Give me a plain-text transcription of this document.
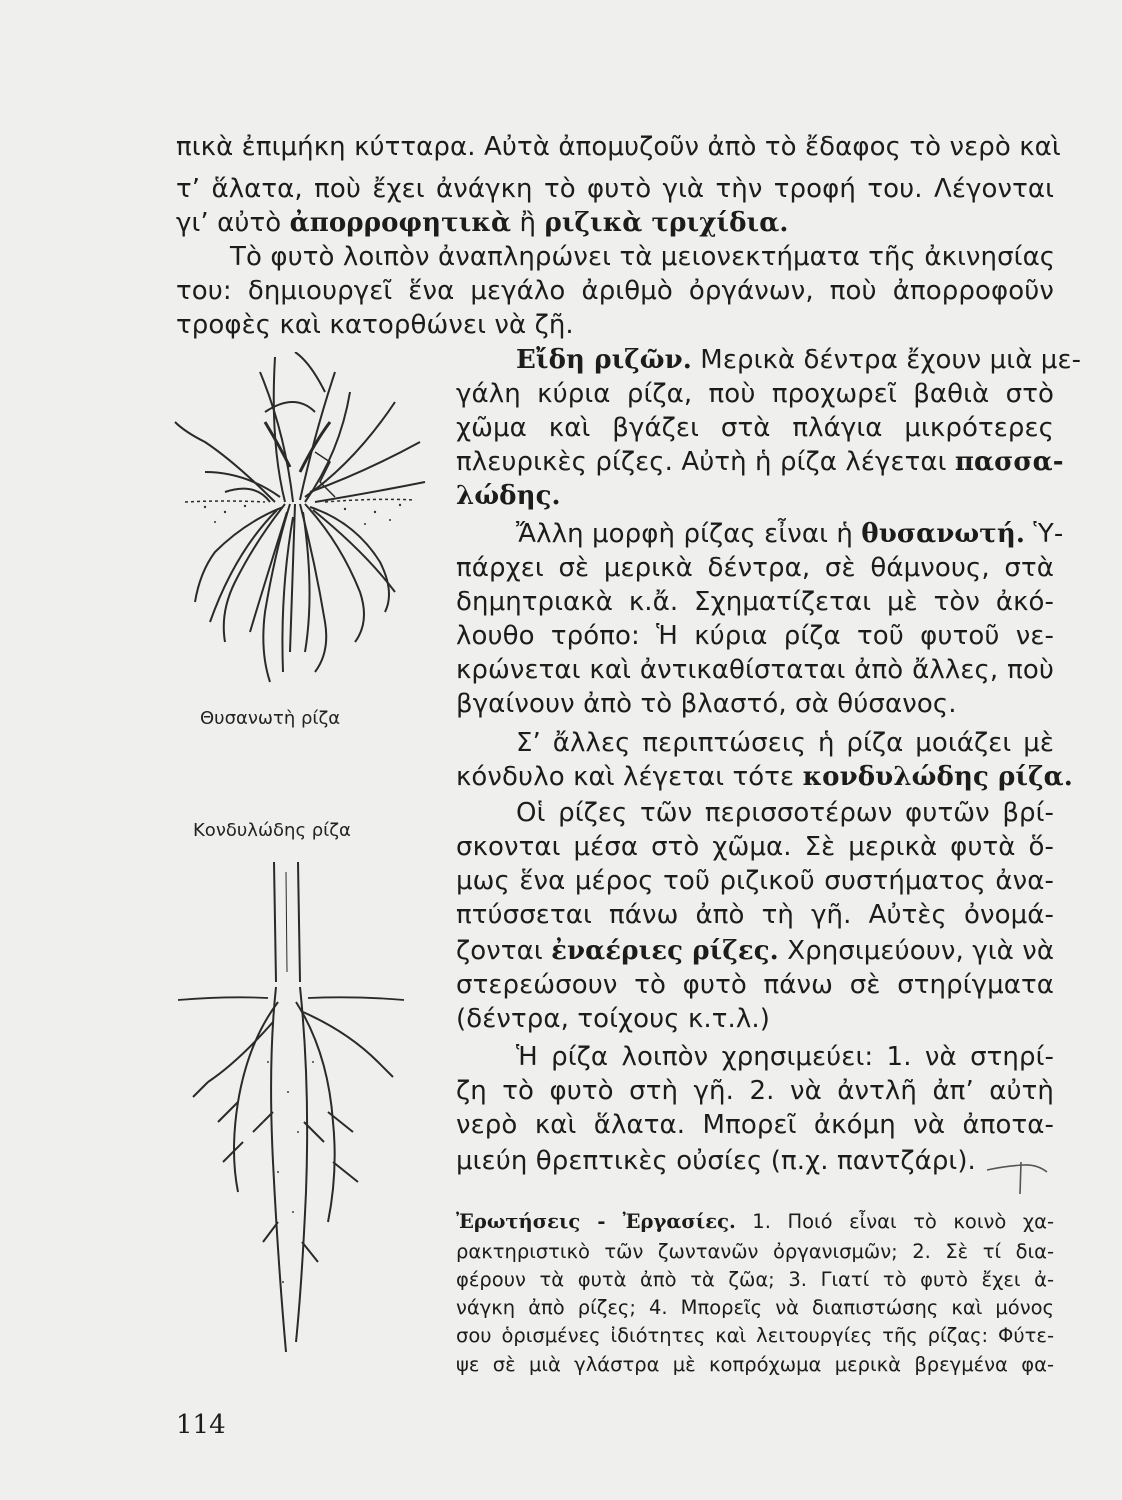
πικὰ ἐπιμήκη κύτταρα. Αὐτὰ ἀπομυζοῦν ἀπὸ τὸ ἔδαφος τὸ νερὸ καὶ
τ’ ἅλατα, ποὺ ἔχει ἀνάγκη τὸ φυτὸ γιὰ τὴν τροφή του. Λέγονται
γι’ αὐτὸ ἀπορροφητικὰ ἢ ριζικὰ τριχίδια.
Τὸ φυτὸ λοιπὸν ἀναπληρώνει τὰ μειονεκτήματα τῆς ἀκινησίας
του: δημιουργεῖ ἕνα μεγάλο ἀριθμὸ ὀργάνων, ποὺ ἀπορροφοῦν
τροφὲς καὶ κατορθώνει νὰ ζῆ.
Εἴδη ριζῶν. Μερικὰ δέντρα ἔχουν μιὰ με-
γάλη κύρια ρίζα, ποὺ προχωρεῖ βαθιὰ στὸ
χῶμα καὶ βγάζει στὰ πλάγια μικρότερες
πλευρικὲς ρίζες. Αὐτὴ ἡ ρίζα λέγεται πασσα-
λώδης.
Ἄλλη μορφὴ ρίζας εἶναι ἡ θυσανωτή. Ὑ-
πάρχει σὲ μερικὰ δέντρα, σὲ θάμνους, στὰ
δημητριακὰ κ.ἄ. Σχηματίζεται μὲ τὸν ἀκό-
λουθο τρόπο: Ἡ κύρια ρίζα τοῦ φυτοῦ νε-
κρώνεται καὶ ἀντικαθίσταται ἀπὸ ἄλλες, ποὺ
βγαίνουν ἀπὸ τὸ βλαστό, σὰ θύσανος.
Σ’ ἄλλες περιπτώσεις ἡ ρίζα μοιάζει μὲ
κόνδυλο καὶ λέγεται τότε κονδυλώδης ρίζα.
Οἱ ρίζες τῶν περισσοτέρων φυτῶν βρί-
σκονται μέσα στὸ χῶμα. Σὲ μερικὰ φυτὰ ὅ-
μως ἕνα μέρος τοῦ ριζικοῦ συστήματος ἀνα-
πτύσσεται πάνω ἀπὸ τὴ γῆ. Αὐτὲς ὀνομά-
ζονται ἐναέριες ρίζες. Χρησιμεύουν, γιὰ νὰ
στερεώσουν τὸ φυτὸ πάνω σὲ στηρίγματα
(δέντρα, τοίχους κ.τ.λ.)
Ἡ ρίζα λοιπὸν χρησιμεύει: 1. νὰ στηρί-
ζη τὸ φυτὸ στὴ γῆ. 2. νὰ ἀντλῆ ἀπ’ αὐτὴ
νερὸ καὶ ἅλατα. Μπορεῖ ἀκόμη νὰ ἀποτα-
μιεύη θρεπτικὲς οὐσίες (π.χ. παντζάρι).
Ἐρωτήσεις - Ἐργασίες. 1. Ποιό εἶναι τὸ κοινὸ χα-
ρακτηριστικὸ τῶν ζωντανῶν ὀργανισμῶν; 2. Σὲ τί δια-
φέρουν τὰ φυτὰ ἀπὸ τὰ ζῶα; 3. Γιατί τὸ φυτὸ ἔχει ἀ-
νάγκη ἀπὸ ρίζες; 4. Μπορεῖς νὰ διαπιστώσης καὶ μόνος
σου ὁρισμένες ἰδιότητες καὶ λειτουργίες τῆς ρίζας: Φύτε-
ψε σὲ μιὰ γλάστρα μὲ κοπρόχωμα μερικὰ βρεγμένα φα-
Θυσανωτὴ ρίζα
Κονδυλώδης ρίζα
114
